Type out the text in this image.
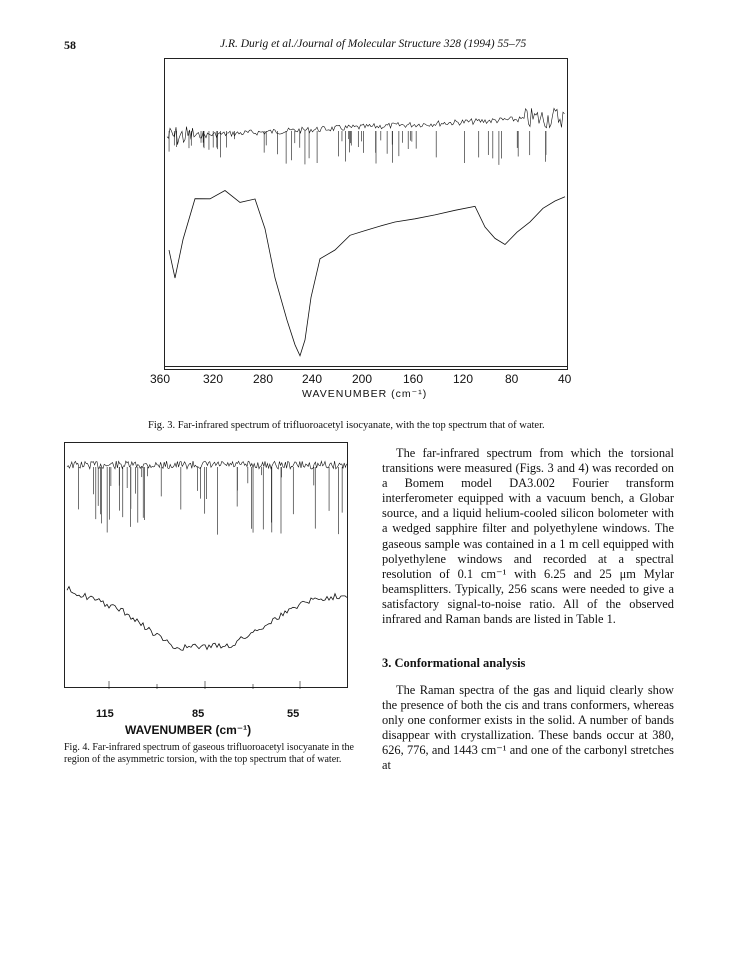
58	J.R. Durig et al./Journal of Molecular Structure 328 (1994) 55–75
360	320 280 240 200	160 120	80	40
WAVENUMBER (cm⁻¹)
Fig. 3. Far-infrared spectrum of trifluoroacetyl isocyanate, with the top spectrum that of water.
115	85	55
WAVENUMBER (cm⁻¹)
Fig. 4. Far-infrared spectrum of gaseous trifluoroacetyl isocyanate in the region of the asymmetric torsion, with the top spectrum that of water.
The far-infrared spectrum from which the torsional transitions were measured (Figs. 3 and 4) was recorded on a Bomem model DA3.002 Fourier transform interferometer equipped with a vacuum bench, a Globar source, and a liquid helium-cooled silicon bolometer with a wedged sapphire filter and polyethylene windows. The gaseous sample was contained in a 1 m cell equipped with polyethylene windows and recorded at a spectral resolution of 0.1 cm⁻¹ with 6.25 and 25 μm Mylar beamsplitters. Typically, 256 scans were needed to give a satisfactory signal-to-noise ratio. All of the observed infrared and Raman bands are listed in Table 1.
3. Conformational analysis
The Raman spectra of the gas and liquid clearly show the presence of both the cis and trans conformers, whereas only one conformer exists in the solid. A number of bands disappear with crystallization. These bands occur at 380, 626, 776, and 1443 cm⁻¹ and one of the carbonyl stretches at
